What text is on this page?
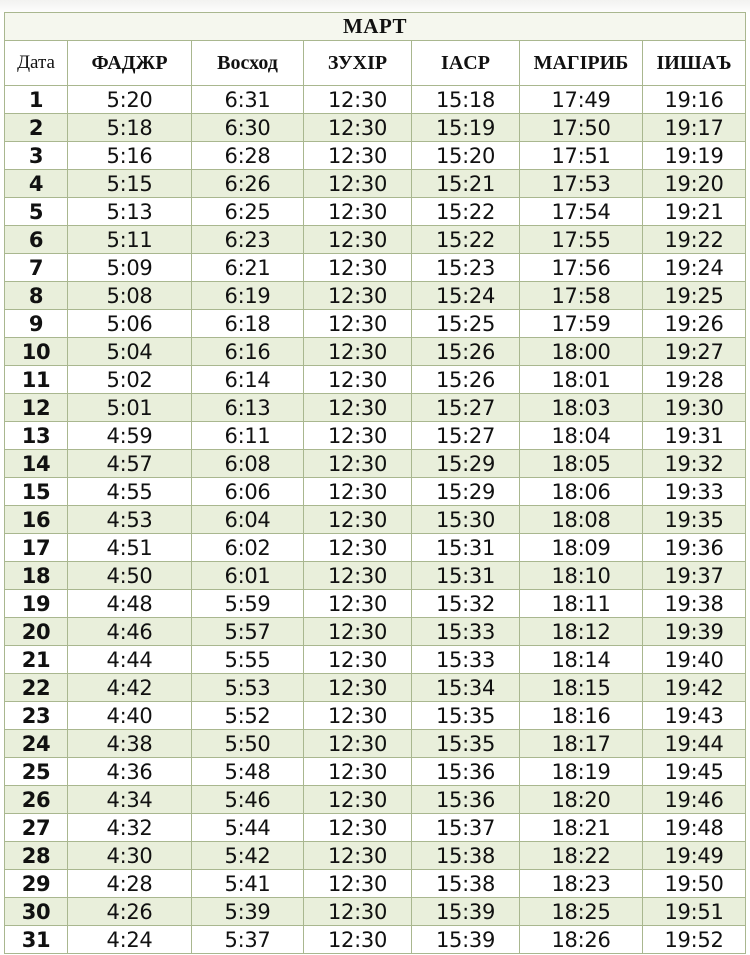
МАРТ						
Дата	ФАДЖР	Восход	ЗУХIР	IACP	МАГIРИБ	IИШАЪ
1	5:20	6:31	12:30	15:18	17:49	19:16
2	5:18	6:30	12:30	15:19	17:50	19:17
3	5:16	6:28	12:30	15:20	17:51	19:19
4	5:15	6:26	12:30	15:21	17:53	19:20
5	5:13	6:25	12:30	15:22	17:54	19:21
6	5:11	6:23	12:30	15:22	17:55	19:22
7	5:09	6:21	12:30	15:23	17:56	19:24
8	5:08	6:19	12:30	15:24	17:58	19:25
9	5:06	6:18	12:30	15:25	17:59	19:26
10	5:04	6:16	12:30	15:26	18:00	19:27
11	5:02	6:14	12:30	15:26	18:01	19:28
12	5:01	6:13	12:30	15:27	18:03	19:30
13	4:59	6:11	12:30	15:27	18:04	19:31
14	4:57	6:08	12:30	15:29	18:05	19:32
15	4:55	6:06	12:30	15:29	18:06	19:33
16	4:53	6:04	12:30	15:30	18:08	19:35
17	4:51	6:02	12:30	15:31	18:09	19:36
18	4:50	6:01	12:30	15:31	18:10	19:37
19	4:48	5:59	12:30	15:32	18:11	19:38
20	4:46	5:57	12:30	15:33	18:12	19:39
21	4:44	5:55	12:30	15:33	18:14	19:40
22	4:42	5:53	12:30	15:34	18:15	19:42
23	4:40	5:52	12:30	15:35	18:16	19:43
24	4:38	5:50	12:30	15:35	18:17	19:44
25	4:36	5:48	12:30	15:36	18:19	19:45
26	4:34	5:46	12:30	15:36	18:20	19:46
27	4:32	5:44	12:30	15:37	18:21	19:48
28	4:30	5:42	12:30	15:38	18:22	19:49
29	4:28	5:41	12:30	15:38	18:23	19:50
30	4:26	5:39	12:30	15:39	18:25	19:51
31	4:24	5:37	12:30	15:39	18:26	19:52
